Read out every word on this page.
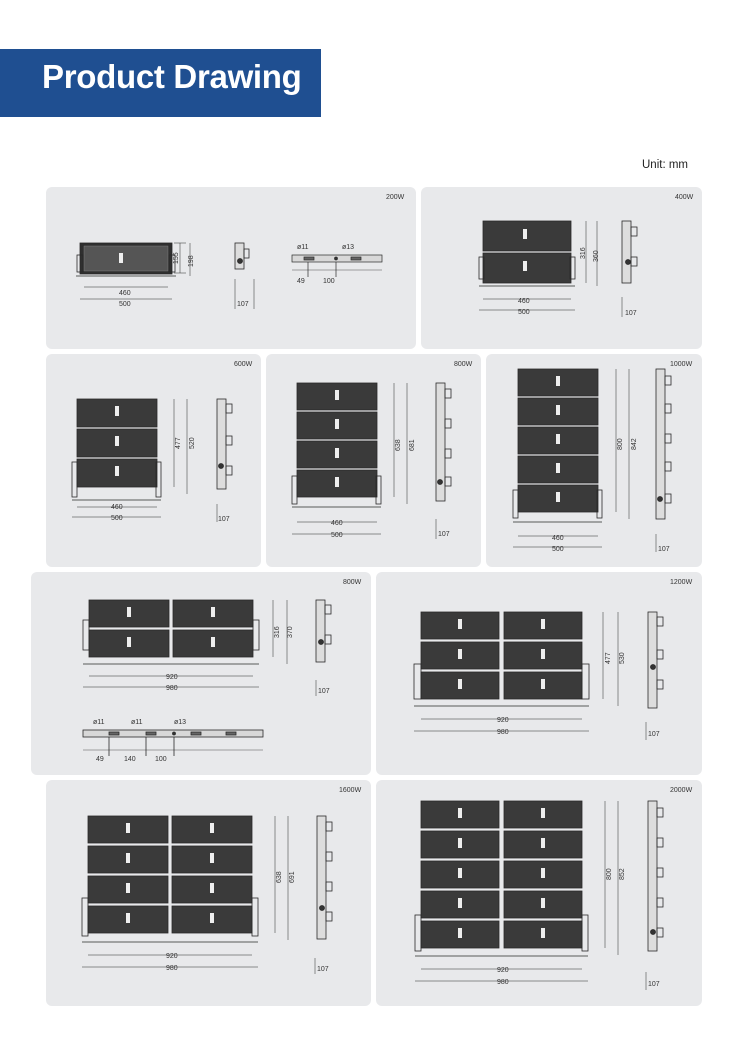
Product Drawing
Unit: mm
200W
155 198
460
500	107
ø11	ø13
49	100
400W
316 360
460
500	107
600W
477 520
460
500	107
800W
638 681
460
500	107
1000W
800 842
460
500	107
800W
316 370
920
980	107
ø11	ø11	ø13
49	140	100
1200W
477 530
920
980	107
1600W
638 691
920
980	107
2000W
800 852
920
980	107
